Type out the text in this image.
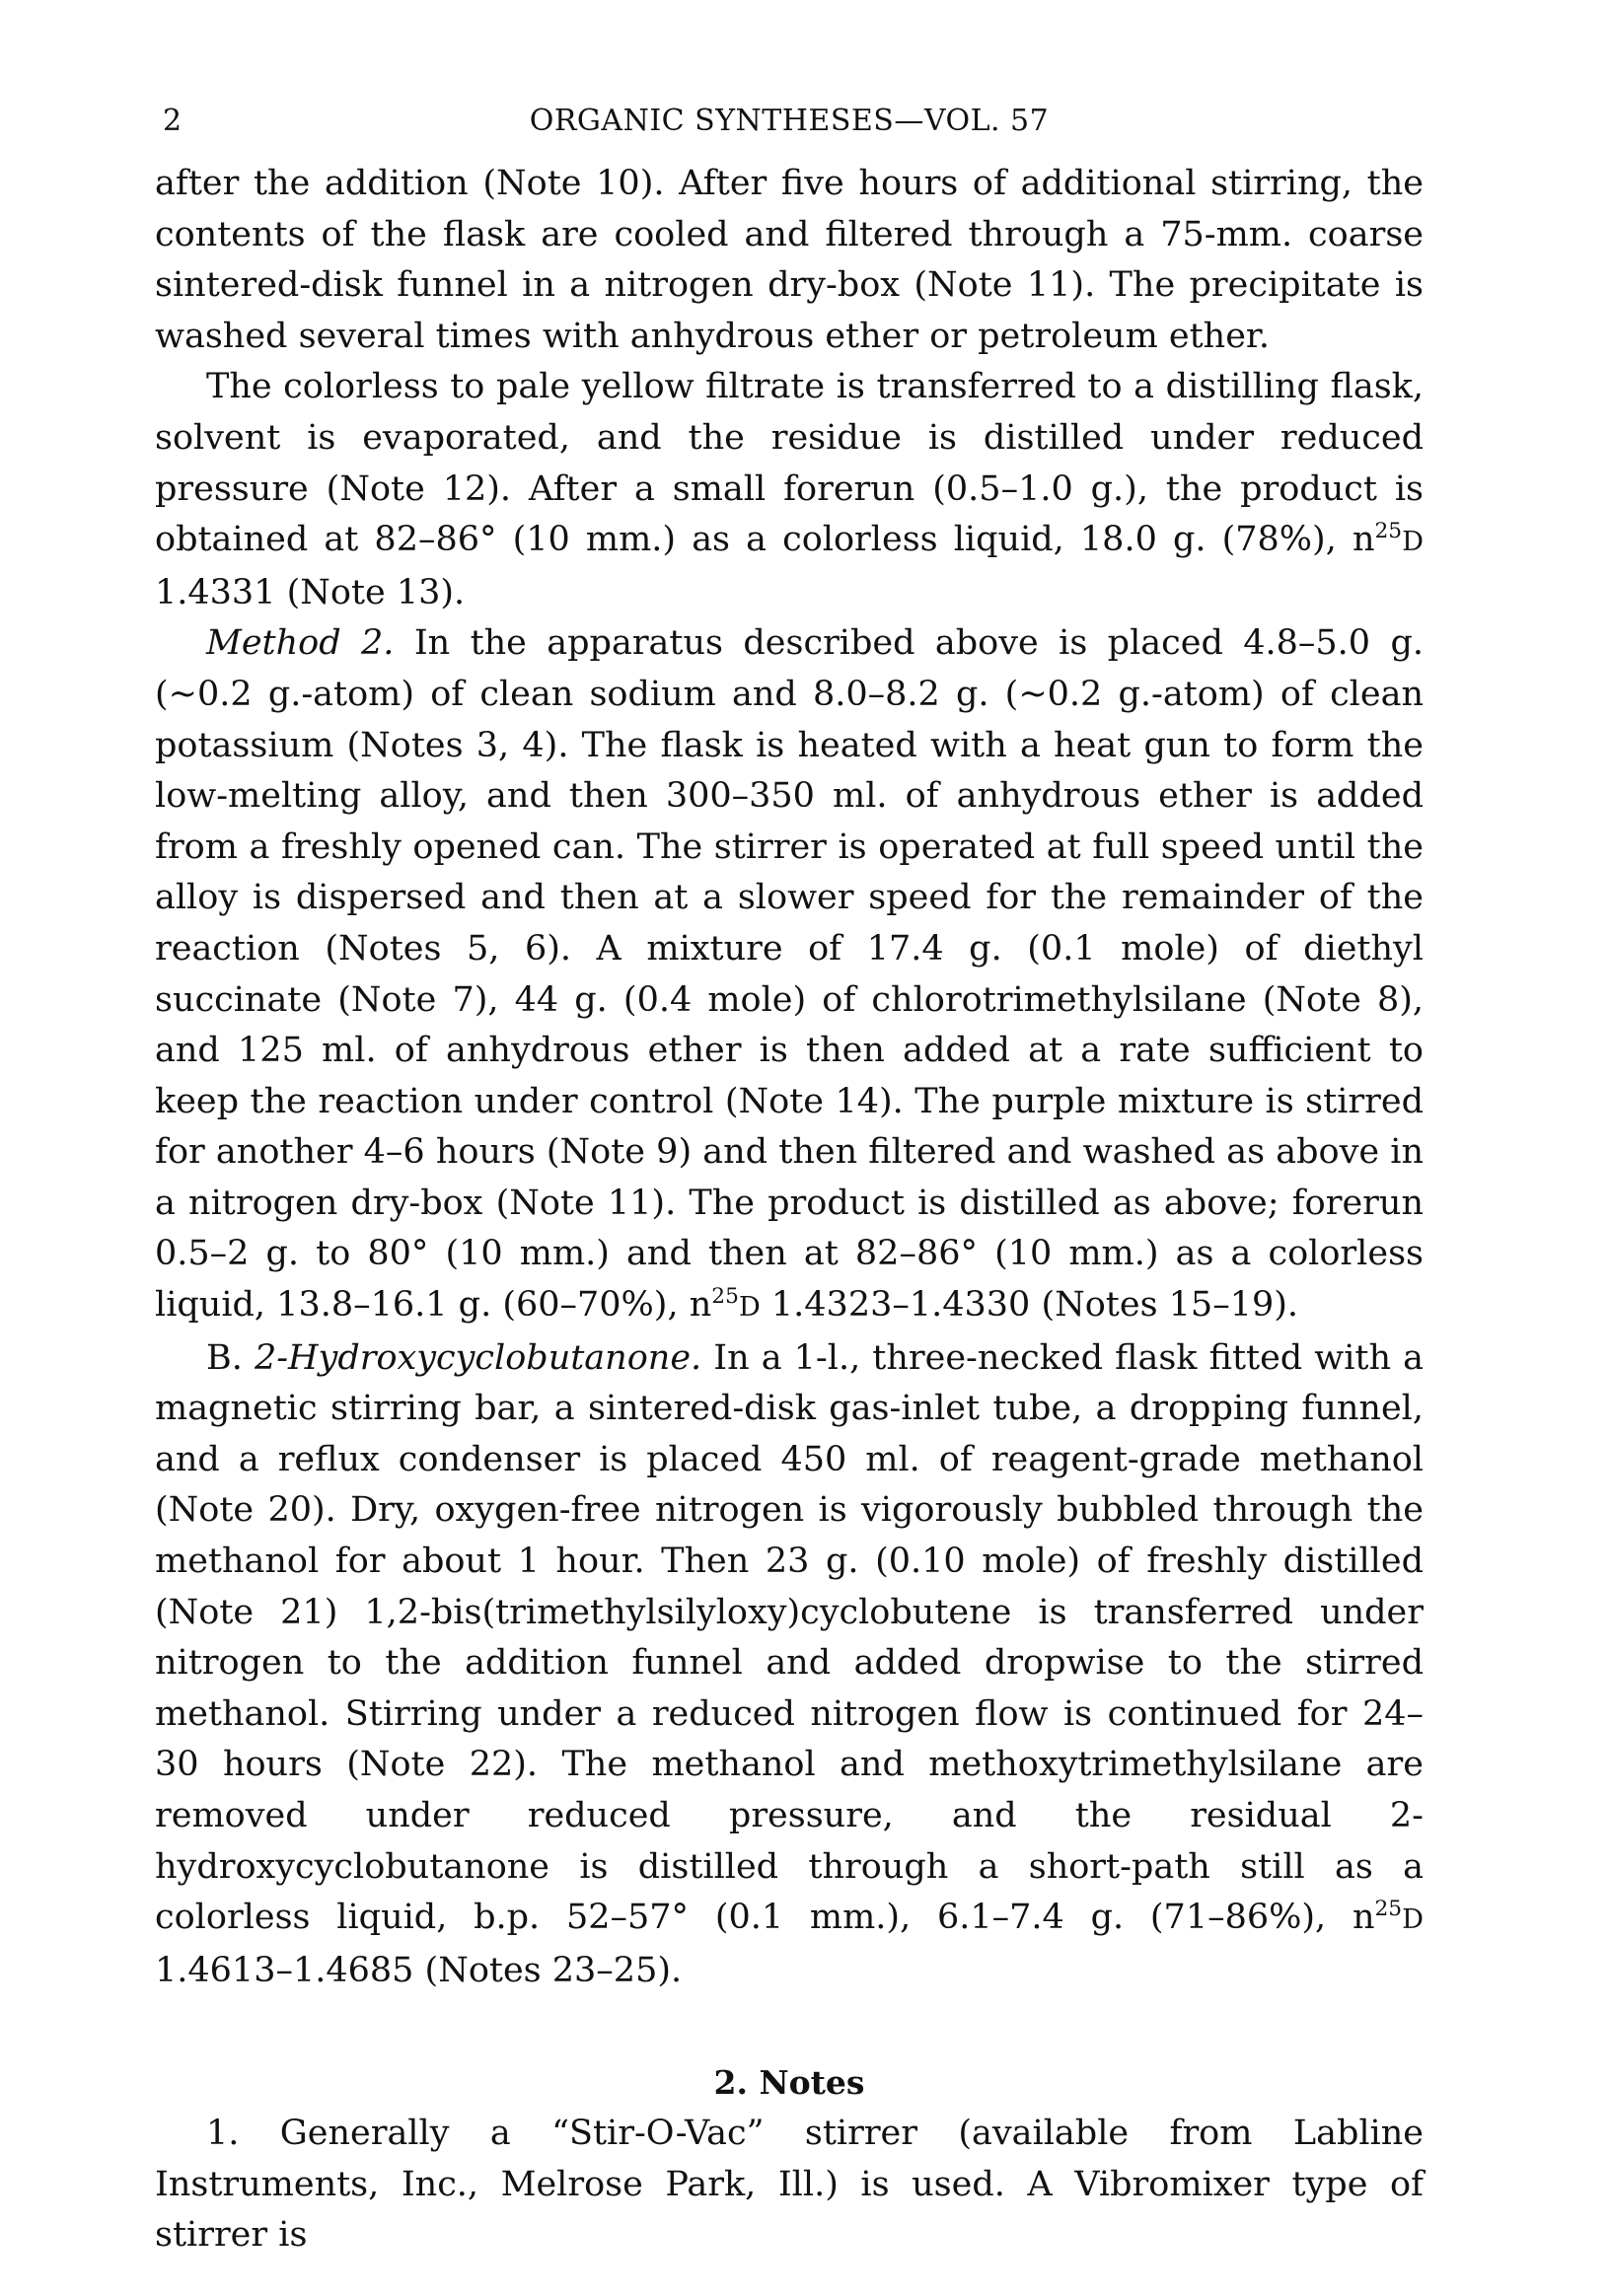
2	ORGANIC SYNTHESES—VOL. 57

after the addition (Note 10). After five hours of additional stirring, the contents of the flask are cooled and filtered through a 75-mm. coarse sintered-disk funnel in a nitrogen dry-box (Note 11). The precipitate is washed several times with anhydrous ether or petroleum ether.

The colorless to pale yellow filtrate is transferred to a distilling flask, solvent is evaporated, and the residue is distilled under reduced pressure (Note 12). After a small forerun (0.5–1.0 g.), the product is obtained at 82–86° (10 mm.) as a colorless liquid, 18.0 g. (78%), $n^{25}D$ 1.4331 (Note 13).

Method 2. In the apparatus described above is placed 4.8–5.0 g. (~0.2 g.-atom) of clean sodium and 8.0–8.2 g. (~0.2 g.-atom) of clean potassium (Notes 3, 4). The flask is heated with a heat gun to form the low-melting alloy, and then 300–350 ml. of anhydrous ether is added from a freshly opened can. The stirrer is operated at full speed until the alloy is dispersed and then at a slower speed for the remainder of the reaction (Notes 5, 6). A mixture of 17.4 g. (0.1 mole) of diethyl succinate (Note 7), 44 g. (0.4 mole) of chlorotrimethylsilane (Note 8), and 125 ml. of anhydrous ether is then added at a rate sufficient to keep the reaction under control (Note 14). The purple mixture is stirred for another 4–6 hours (Note 9) and then filtered and washed as above in a nitrogen dry-box (Note 11). The product is distilled as above; forerun 0.5–2 g. to 80° (10 mm.) and then at 82–86° (10 mm.) as a colorless liquid, 13.8–16.1 g. (60–70%), $n^{25}D$ 1.4323–1.4330 (Notes 15–19).

B. 2-Hydroxycyclobutanone. In a 1-l., three-necked flask fitted with a magnetic stirring bar, a sintered-disk gas-inlet tube, a dropping funnel, and a reflux condenser is placed 450 ml. of reagent-grade methanol (Note 20). Dry, oxygen-free nitrogen is vigorously bubbled through the methanol for about 1 hour. Then 23 g. (0.10 mole) of freshly distilled (Note 21) 1,2-bis(trimethylsilyloxy)cyclobutene is transferred under nitrogen to the addition funnel and added dropwise to the stirred methanol. Stirring under a reduced nitrogen flow is continued for 24–30 hours (Note 22). The methanol and methoxytrimethylsilane are removed under reduced pressure, and the residual 2-hydroxycyclobutanone is distilled through a short-path still as a colorless liquid, b.p. 52–57° (0.1 mm.), 6.1–7.4 g. (71–86%), $n^{25}D$ 1.4613–1.4685 (Notes 23–25).

2. Notes

1. Generally a “Stir-O-Vac” stirrer (available from Labline Instruments, Inc., Melrose Park, Ill.) is used. A Vibromixer type of stirrer is
